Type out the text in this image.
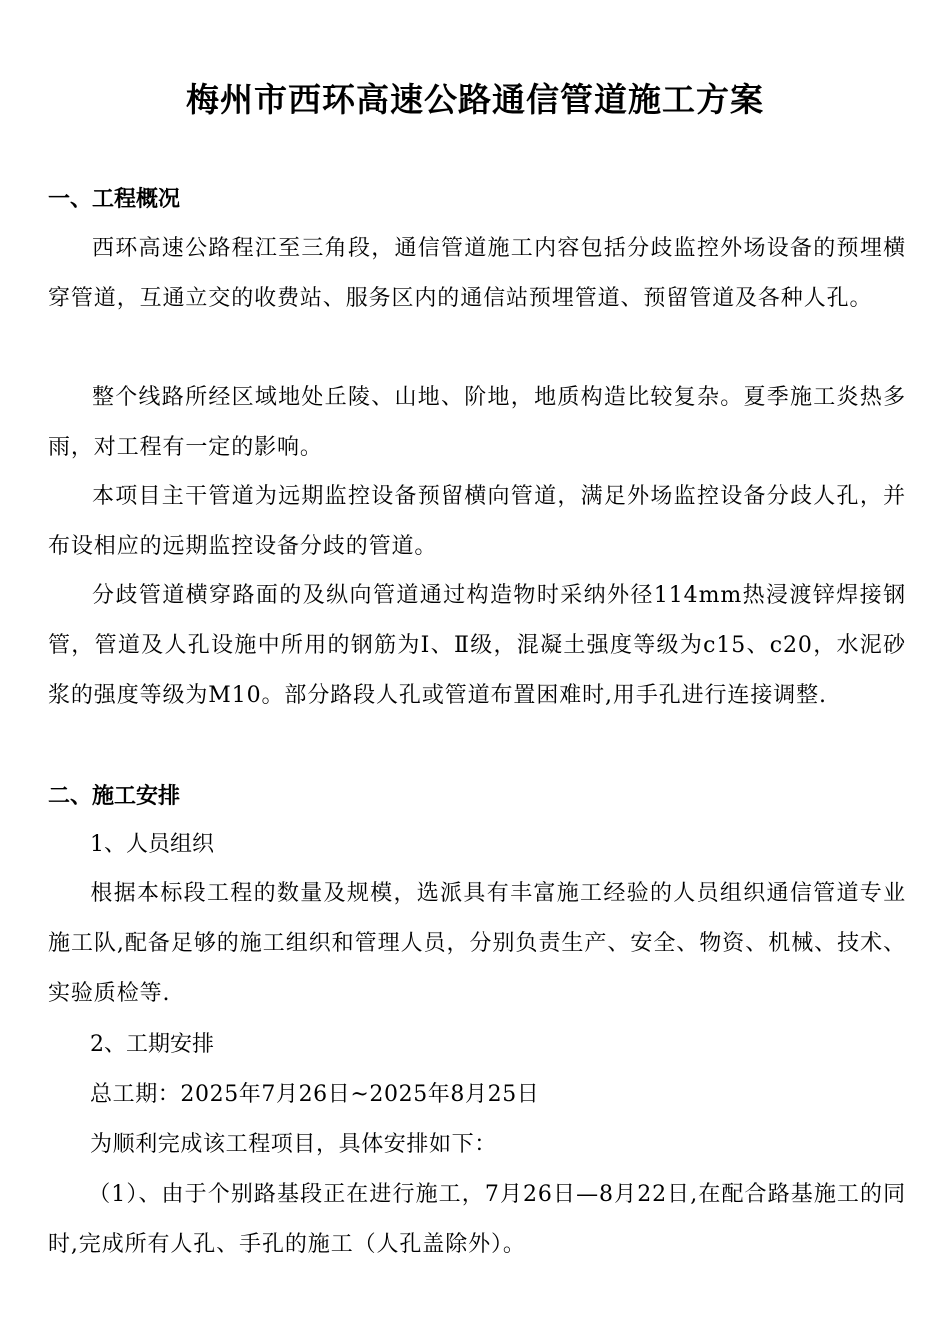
梅州市西环高速公路通信管道施工方案
一、工程概况
西环高速公路程江至三角段，通信管道施工内容包括分歧监控外场设备的预埋横穿管道，互通立交的收费站、服务区内的通信站预埋管道、预留管道及各种人孔。
整个线路所经区域地处丘陵、山地、阶地，地质构造比较复杂。夏季施工炎热多雨，对工程有一定的影响。
本项目主干管道为远期监控设备预留横向管道，满足外场监控设备分歧人孔，并布设相应的远期监控设备分歧的管道。
分歧管道横穿路面的及纵向管道通过构造物时采纳外径114mm热浸渡锌焊接钢管，管道及人孔设施中所用的钢筋为Ⅰ、Ⅱ级，混凝土强度等级为c15、c20，水泥砂浆的强度等级为M10。部分路段人孔或管道布置困难时,用手孔进行连接调整.
二、施工安排
1、人员组织
根据本标段工程的数量及规模，选派具有丰富施工经验的人员组织通信管道专业施工队,配备足够的施工组织和管理人员，分别负责生产、安全、物资、机械、技术、实验质检等.
2、工期安排
总工期：2025年7月26日~2025年8月25日
为顺利完成该工程项目，具体安排如下：
（1）、由于个别路基段正在进行施工，7月26日—8月22日,在配合路基施工的同时,完成所有人孔、手孔的施工（人孔盖除外）。
